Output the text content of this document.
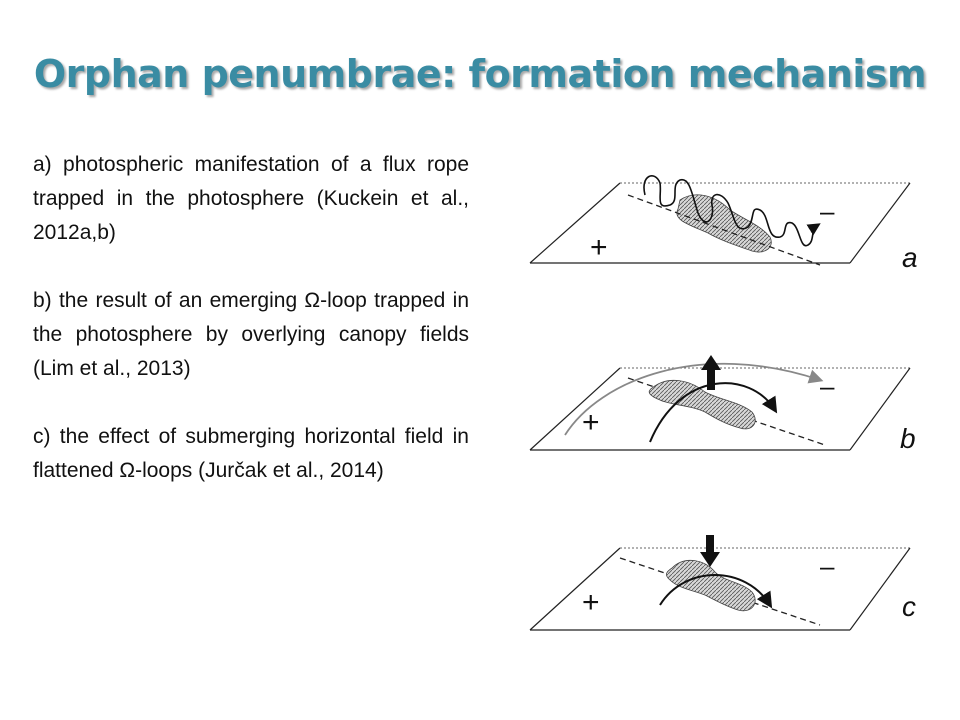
Orphan penumbrae: formation mechanism

a) photospheric manifestation of a flux rope trapped in the photosphere (Kuckein et al., 2012a,b)

b) the result of an emerging Ω-loop trapped in the photosphere by overlying canopy fields (Lim et al., 2013)

c) the effect of submerging horizontal field in flattened Ω-loops (Jurčak et al., 2014)

+
–
a
+
–
b
+
–
c
